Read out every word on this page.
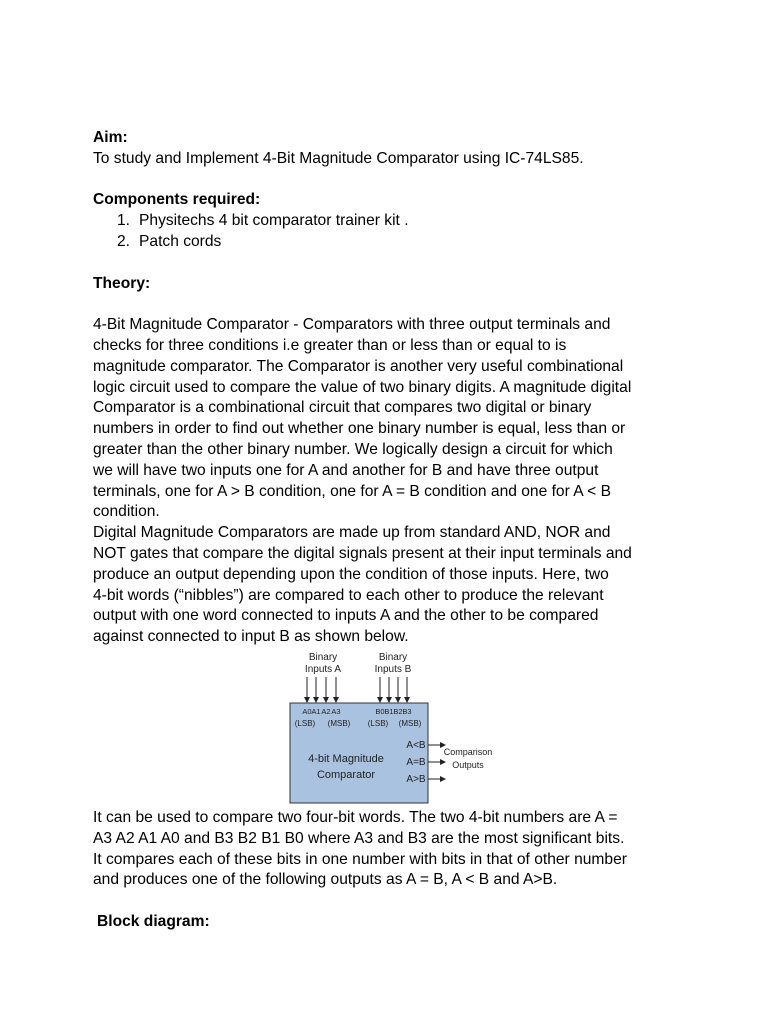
Aim:

To study and Implement 4-Bit Magnitude Comparator using IC-74LS85.

Components required:
1. Physitechs 4 bit comparator trainer kit .
2. Patch cords
Theory:
4-Bit Magnitude Comparator - Comparators with three output terminals and
checks for three conditions i.e greater than or less than or equal to is
magnitude comparator. The Comparator is another very useful combinational
logic circuit used to compare the value of two binary digits. A magnitude digital
Comparator is a combinational circuit that compares two digital or binary
numbers in order to find out whether one binary number is equal, less than or
greater than the other binary number. We logically design a circuit for which
we will have two inputs one for A and another for B and have three output
terminals, one for A > B condition, one for A = B condition and one for A < B
condition.
Digital Magnitude Comparators are made up from standard AND, NOR and
NOT gates that compare the digital signals present at their input terminals and
produce an output depending upon the condition of those inputs. Here, two
4-bit words (“nibbles”) are compared to each other to produce the relevant
output with one word connected to inputs A and the other to be compared
against connected to input B as shown below.
Binary
Inputs A
Binary
Inputs B
A0 A1 A2 A3	B0 B1 B2 B3
(LSB) (MSB) (LSB) (MSB)
4-bit Magnitude
Comparator
A<B
A=B
A>B
Comparison
Outputs
It can be used to compare two four-bit words. The two 4-bit numbers are A =
A3 A2 A1 A0 and B3 B2 B1 B0 where A3 and B3 are the most significant bits.
It compares each of these bits in one number with bits in that of other number
and produces one of the following outputs as A = B, A < B and A>B.
Block diagram:
